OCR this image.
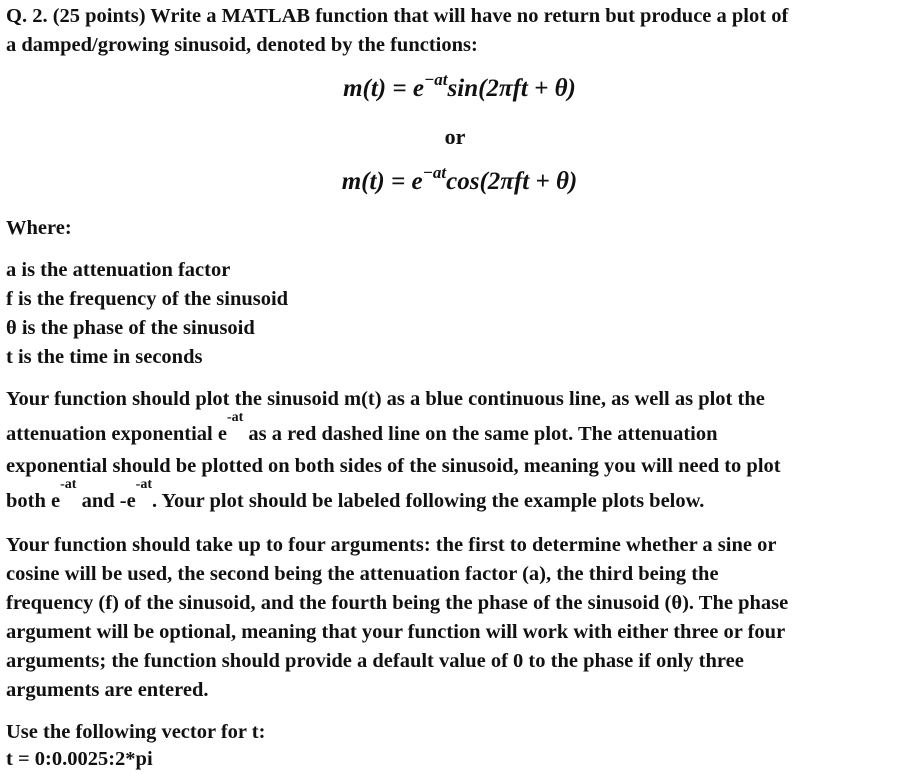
Q. 2. (25 points) Write a MATLAB function that will have no return but produce a plot of
a damped/growing sinusoid, denoted by the functions:
$m(t) = e^{-at}\sin(2\pi ft + \theta)$
or
$m(t) = e^{-at}\cos(2\pi ft + \theta)$
Where:
a is the attenuation factor
f is the frequency of the sinusoid
θ is the phase of the sinusoid
t is the time in seconds
Your function should plot the sinusoid m(t) as a blue continuous line, as well as plot the
attenuation exponential $e^{-at}$ as a red dashed line on the same plot. The attenuation
exponential should be plotted on both sides of the sinusoid, meaning you will need to plot
both $e^{-at}$ and $-e^{-at}$. Your plot should be labeled following the example plots below.
Your function should take up to four arguments: the first to determine whether a sine or
cosine will be used, the second being the attenuation factor (a), the third being the
frequency (f) of the sinusoid, and the fourth being the phase of the sinusoid (θ). The phase
argument will be optional, meaning that your function will work with either three or four
arguments; the function should provide a default value of 0 to the phase if only three
arguments are entered.
Use the following vector for t:
t = 0:0.0025:2*pi
